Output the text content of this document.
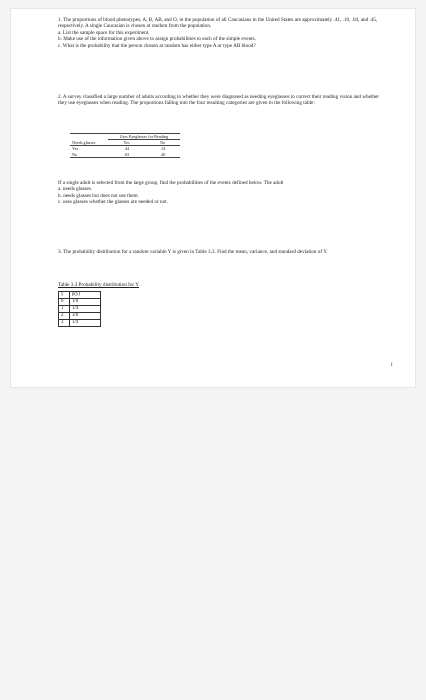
1. The proportions of blood phenotypes, A, B, AB, and O, in the population of all Caucasians in the United States are approximately .41, .10, .04, and .45, respectively. A single Caucasian is chosen at random from the population.

a. List the sample space for this experiment.

b. Make use of the information given above to assign probabilities to each of the simple events.

c. What is the probability that the person chosen at random has either type A or type AB blood?

2. A survey classified a large number of adults according to whether they were diagnosed as needing eyeglasses to correct their reading vision and whether they use eyeglasses when reading. The proportions falling into the four resulting categories are given in the following table:

	Uses Eyeglasses for Reading	
Needs glasses	Yes	No
Yes	.44	.14
No	.02	.40

If a single adult is selected from the large group, find the probabilities of the events defined below. The adult

a. needs glasses.

b. needs glasses but does not use them.

c. uses glasses whether the glasses are needed or not.

3. The probability distribution for a random variable Y is given in Table 3.3. Find the mean, variance, and standard deviation of Y.

Table 3.3 Probability distribution for Y

y	p(y)
0	1/8
1	1/4
2	3/8
3	1/4
1
